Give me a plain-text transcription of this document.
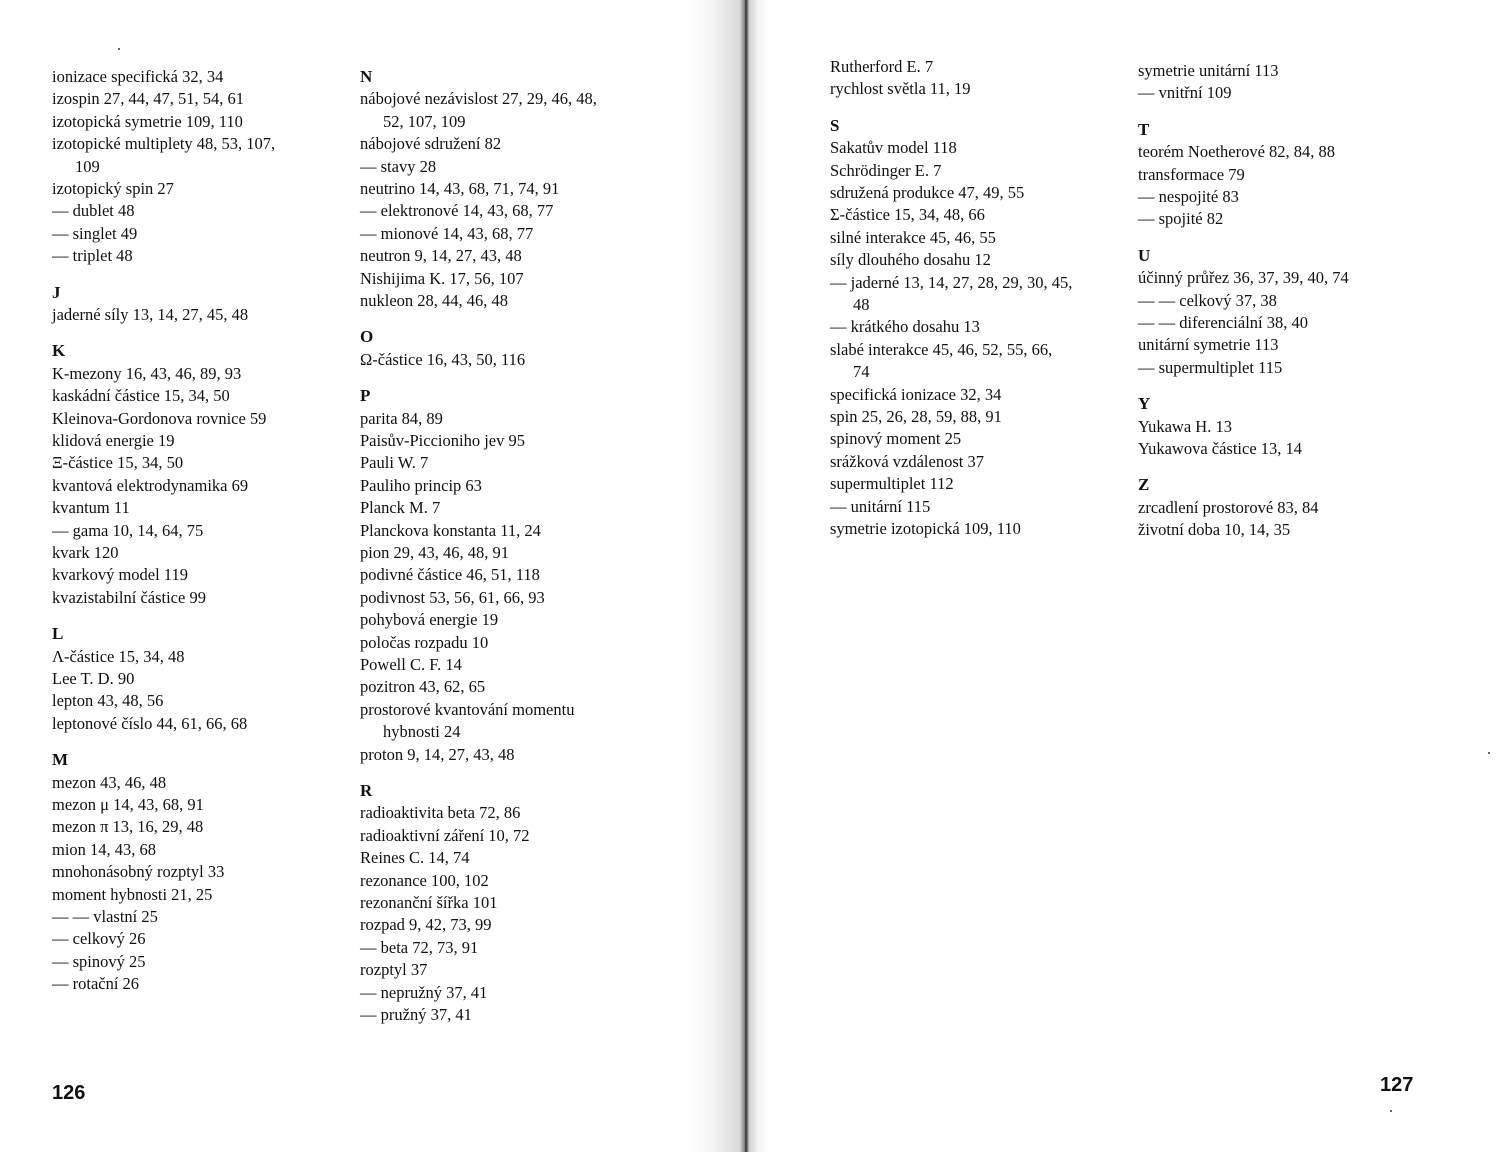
ionizace specifická 32, 34
izospin 27, 44, 47, 51, 54, 61
izotopická symetrie 109, 110
izotopické multiplety 48, 53, 107,
109
izotopický spin 27
— dublet 48
— singlet 49
— triplet 48
J
jaderné síly 13, 14, 27, 45, 48
K
K-mezony 16, 43, 46, 89, 93
kaskádní částice 15, 34, 50
Kleinova-Gordonova rovnice 59
klidová energie 19
Ξ-částice 15, 34, 50
kvantová elektrodynamika 69
kvantum 11
— gama 10, 14, 64, 75
kvark 120
kvarkový model 119
kvazistabilní částice 99
L
Λ-částice 15, 34, 48
Lee T. D. 90
lepton 43, 48, 56
leptonové číslo 44, 61, 66, 68
M
mezon 43, 46, 48
mezon μ 14, 43, 68, 91
mezon π 13, 16, 29, 48
mion 14, 43, 68
mnohonásobný rozptyl 33
moment hybnosti 21, 25
— — vlastní 25
— celkový 26
— spinový 25
— rotační 26
N
nábojové nezávislost 27, 29, 46, 48,
52, 107, 109
nábojové sdružení 82
— stavy 28
neutrino 14, 43, 68, 71, 74, 91
— elektronové 14, 43, 68, 77
— mionové 14, 43, 68, 77
neutron 9, 14, 27, 43, 48
Nishijima K. 17, 56, 107
nukleon 28, 44, 46, 48
O
Ω-částice 16, 43, 50, 116
P
parita 84, 89
Paisův-Piccioniho jev 95
Pauli W. 7
Pauliho princip 63
Planck M. 7
Planckova konstanta 11, 24
pion 29, 43, 46, 48, 91
podivné částice 46, 51, 118
podivnost 53, 56, 61, 66, 93
pohybová energie 19
poločas rozpadu 10
Powell C. F. 14
pozitron 43, 62, 65
prostorové kvantování momentu
hybnosti 24
proton 9, 14, 27, 43, 48
R
radioaktivita beta 72, 86
radioaktivní záření 10, 72
Reines C. 14, 74
rezonance 100, 102
rezonanční šířka 101
rozpad 9, 42, 73, 99
— beta 72, 73, 91
rozptyl 37
— nepružný 37, 41
— pružný 37, 41
Rutherford E. 7
rychlost světla 11, 19
S
Sakatův model 118
Schrödinger E. 7
sdružená produkce 47, 49, 55
Σ-částice 15, 34, 48, 66
silné interakce 45, 46, 55
síly dlouhého dosahu 12
— jaderné 13, 14, 27, 28, 29, 30, 45,
48
— krátkého dosahu 13
slabé interakce 45, 46, 52, 55, 66,
74
specifická ionizace 32, 34
spin 25, 26, 28, 59, 88, 91
spinový moment 25
srážková vzdálenost 37
supermultiplet 112
— unitární 115
symetrie izotopická 109, 110
symetrie unitární 113
— vnitřní 109
T
teorém Noetherové 82, 84, 88
transformace 79
— nespojité 83
— spojité 82
U
účinný průřez 36, 37, 39, 40, 74
— — celkový 37, 38
— — diferenciální 38, 40
unitární symetrie 113
— supermultiplet 115
Y
Yukawa H. 13
Yukawova částice 13, 14
Z
zrcadlení prostorové 83, 84
životní doba 10, 14, 35
126	127
